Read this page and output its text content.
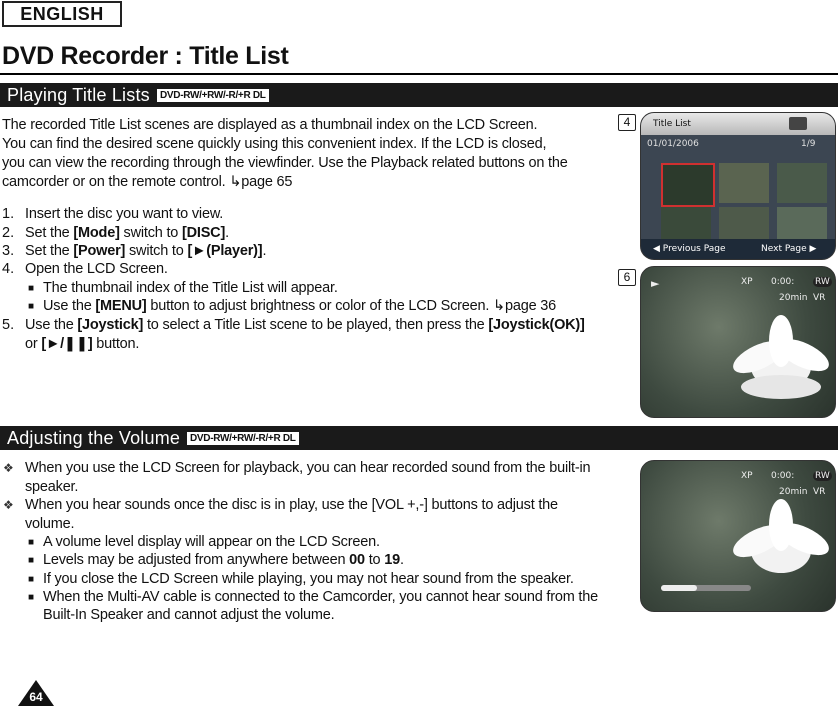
ENGLISH
DVD Recorder : Title List
Playing Title Lists	DVD-RW/+RW/-R/+R DL
The recorded Title List scenes are displayed as a thumbnail index on the LCD Screen.
You can find the desired scene quickly using this convenient index. If the LCD is closed,
you can view the recording through the viewfinder. Use the Playback related buttons on the
camcorder or on the remote control. ↳page 65
1. Insert the disc you want to view.
2. Set the [Mode] switch to [DISC].
3. Set the [Power] switch to [►(Player)].
4. Open the LCD Screen.
■ The thumbnail index of the Title List will appear.
■ Use the [MENU] button to adjust brightness or color of the LCD Screen. ↳page 36
5. Use the [Joystick] to select a Title List scene to be played, then press the [Joystick(OK)]
or [►/❚❚] button.
4	Title List
01/01/2006	1/9
◀ Previous Page	Next Page ▶
6	►	XP 0:00: RW
20min VR
Adjusting the Volume DVD-RW/+RW/-R/+R DL
❖ When you use the LCD Screen for playback, you can hear recorded sound from the built-in
speaker.
❖ When you hear sounds once the disc is in play, use the [VOL +,-] buttons to adjust the
volume.
■ A volume level display will appear on the LCD Screen.
■ Levels may be adjusted from anywhere between 00 to 19.
■ If you close the LCD Screen while playing, you may not hear sound from the speaker.
■ When the Multi-AV cable is connected to the Camcorder, you cannot hear sound from the
Built-In Speaker and cannot adjust the volume.
XP 0:00: RW
20min VR
64
